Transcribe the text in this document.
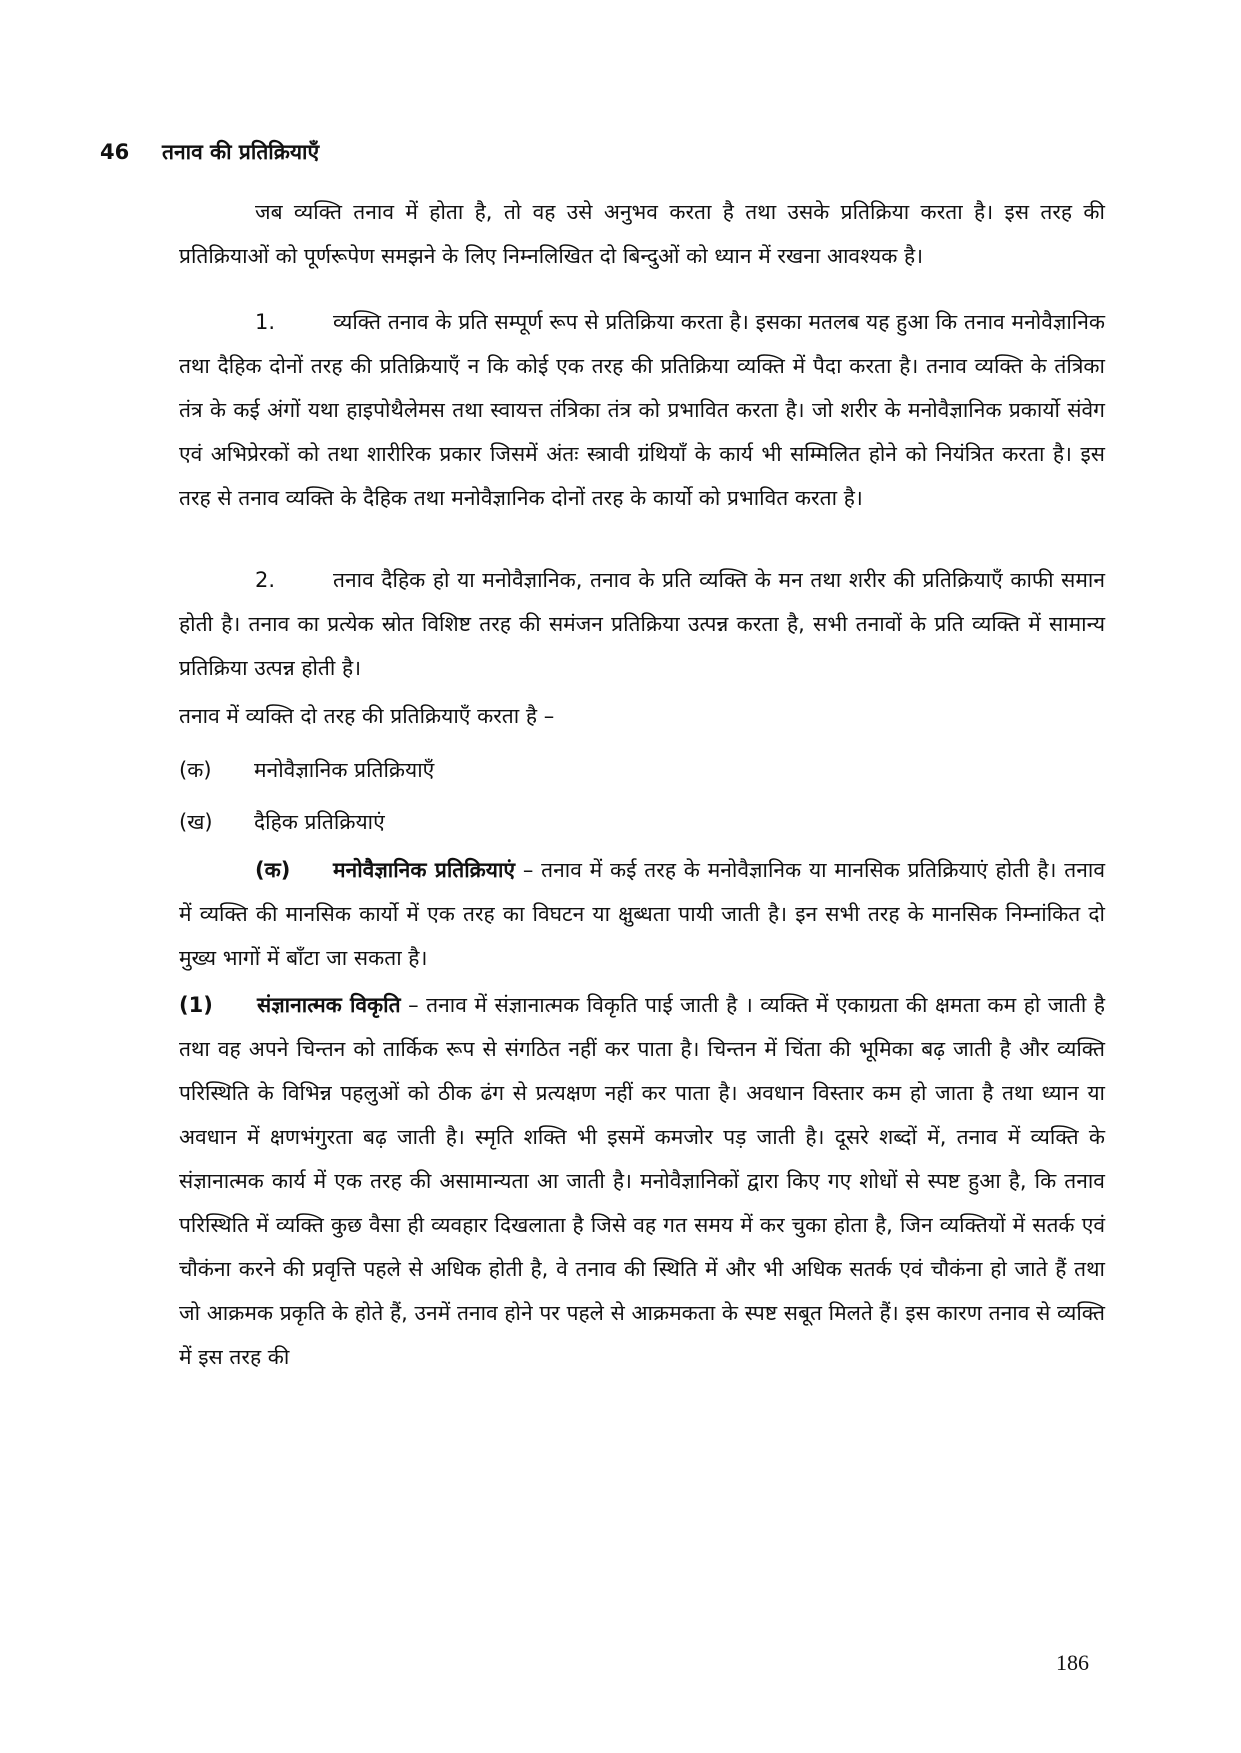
46 तनाव की प्रतिक्रियाएँ

जब व्यक्ति तनाव में होता है, तो वह उसे अनुभव करता है तथा उसके प्रतिक्रिया करता है। इस तरह की प्रतिक्रियाओं को पूर्णरूपेण समझने के लिए निम्नलिखित दो बिन्दुओं को ध्यान में रखना आवश्यक है।

1.	व्यक्ति तनाव के प्रति सम्पूर्ण रूप से प्रतिक्रिया करता है। इसका मतलब यह हुआ कि तनाव मनोवैज्ञानिक तथा दैहिक दोनों तरह की प्रतिक्रियाएँ न कि कोई एक तरह की प्रतिक्रिया व्यक्ति में पैदा करता है। तनाव व्यक्ति के तंत्रिका तंत्र के कई अंगों यथा हाइपोथैलेमस तथा स्वायत्त तंत्रिका तंत्र को प्रभावित करता है। जो शरीर के मनोवैज्ञानिक प्रकार्यो संवेग एवं अभिप्रेरकों को तथा शारीरिक प्रकार जिसमें अंतः स्त्रावी ग्रंथियाँ के कार्य भी सम्मिलित होने को नियंत्रित करता है। इस तरह से तनाव व्यक्ति के दैहिक तथा मनोवैज्ञानिक दोनों तरह के कार्यो को प्रभावित करता है।

2.	तनाव दैहिक हो या मनोवैज्ञानिक, तनाव के प्रति व्यक्ति के मन तथा शरीर की प्रतिक्रियाएँ काफी समान होती है। तनाव का प्रत्येक स्रोत विशिष्ट तरह की समंजन प्रतिक्रिया उत्पन्न करता है, सभी तनावों के प्रति व्यक्ति में सामान्य प्रतिक्रिया उत्पन्न होती है।

तनाव में व्यक्ति दो तरह की प्रतिक्रियाएँ करता है –
(क) मनोवैज्ञानिक प्रतिक्रियाएँ
(ख) दैहिक प्रतिक्रियाएं

(क) मनोवैज्ञानिक प्रतिक्रियाएं – तनाव में कई तरह के मनोवैज्ञानिक या मानसिक प्रतिक्रियाएं होती है। तनाव में व्यक्ति की मानसिक कार्यो में एक तरह का विघटन या क्षुब्धता पायी जाती है। इन सभी तरह के मानसिक निम्नांकित दो मुख्य भागों में बाँटा जा सकता है।

(1) संज्ञानात्मक विकृति – तनाव में संज्ञानात्मक विकृति पाई जाती है । व्यक्ति में एकाग्रता की क्षमता कम हो जाती है तथा वह अपने चिन्तन को तार्किक रूप से संगठित नहीं कर पाता है। चिन्तन में चिंता की भूमिका बढ़ जाती है और व्यक्ति परिस्थिति के विभिन्न पहलुओं को ठीक ढंग से प्रत्यक्षण नहीं कर पाता है। अवधान विस्तार कम हो जाता है तथा ध्यान या अवधान में क्षणभंगुरता बढ़ जाती है। स्मृति शक्ति भी इसमें कमजोर पड़ जाती है। दूसरे शब्दों में, तनाव में व्यक्ति के संज्ञानात्मक कार्य में एक तरह की असामान्यता आ जाती है। मनोवैज्ञानिकों द्वारा किए गए शोधों से स्पष्ट हुआ है, कि तनाव परिस्थिति में व्यक्ति कुछ वैसा ही व्यवहार दिखलाता है जिसे वह गत समय में कर चुका होता है, जिन व्यक्तियों में सतर्क एवं चौकंना करने की प्रवृत्ति पहले से अधिक होती है, वे तनाव की स्थिति में और भी अधिक सतर्क एवं चौकंना हो जाते हैं तथा जो आक्रमक प्रकृति के होते हैं, उनमें तनाव होने पर पहले से आक्रमकता के स्पष्ट सबूत मिलते हैं। इस कारण तनाव से व्यक्ति में इस तरह की

186
